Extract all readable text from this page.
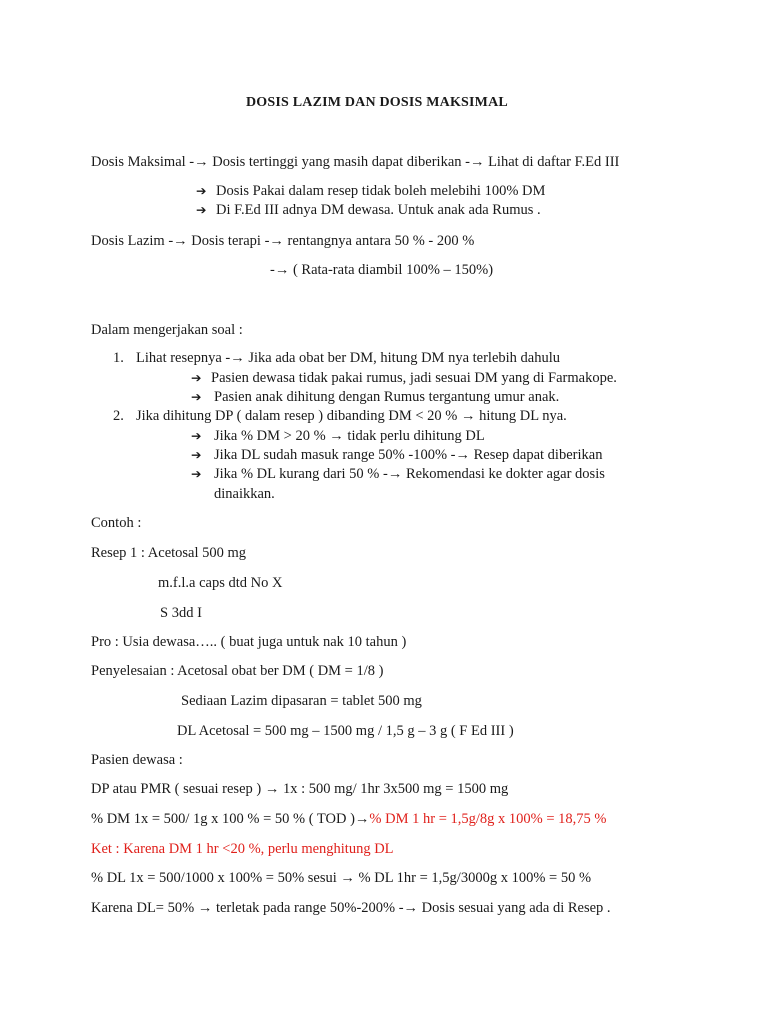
DOSIS LAZIM DAN DOSIS MAKSIMAL
Dosis Maksimal -→ Dosis tertinggi yang masih dapat diberikan -→ Lihat di daftar F.Ed III
➔ Dosis Pakai dalam resep tidak boleh melebihi 100% DM
➔ Di F.Ed III adnya DM dewasa. Untuk anak ada Rumus .
Dosis Lazim -→ Dosis terapi -→ rentangnya antara 50 % - 200 %
-→ ( Rata-rata diambil 100% – 150%)
Dalam mengerjakan soal :
1. Lihat resepnya -→ Jika ada obat ber DM, hitung DM nya terlebih dahulu
➔ Pasien dewasa tidak pakai rumus, jadi sesuai DM yang di Farmakope.
➔ Pasien anak dihitung dengan Rumus tergantung umur anak.
2. Jika dihitung DP ( dalam resep ) dibanding DM < 20 % → hitung DL nya.
➔ Jika % DM > 20 % → tidak perlu dihitung DL
➔ Jika DL sudah masuk range 50% -100% -→ Resep dapat diberikan
➔ Jika % DL kurang dari 50 % -→ Rekomendasi ke dokter agar dosis
dinaikkan.
Contoh :
Resep 1 : Acetosal 500 mg
m.f.l.a caps dtd No X
S 3dd I
Pro : Usia dewasa….. ( buat juga untuk nak 10 tahun )
Penyelesaian : Acetosal obat ber DM ( DM = 1/8 )
Sediaan Lazim dipasaran = tablet 500 mg
DL Acetosal = 500 mg – 1500 mg / 1,5 g – 3 g ( F Ed III )
Pasien dewasa :
DP atau PMR ( sesuai resep ) → 1x : 500 mg/ 1hr 3x500 mg = 1500 mg
% DM 1x = 500/ 1g x 100 % = 50 % ( TOD )→% DM 1 hr = 1,5g/8g x 100% = 18,75 %
Ket : Karena DM 1 hr <20 %, perlu menghitung DL
% DL 1x = 500/1000 x 100% = 50% sesui → % DL 1hr = 1,5g/3000g x 100% = 50 %
Karena DL= 50% → terletak pada range 50%-200% -→ Dosis sesuai yang ada di Resep .
